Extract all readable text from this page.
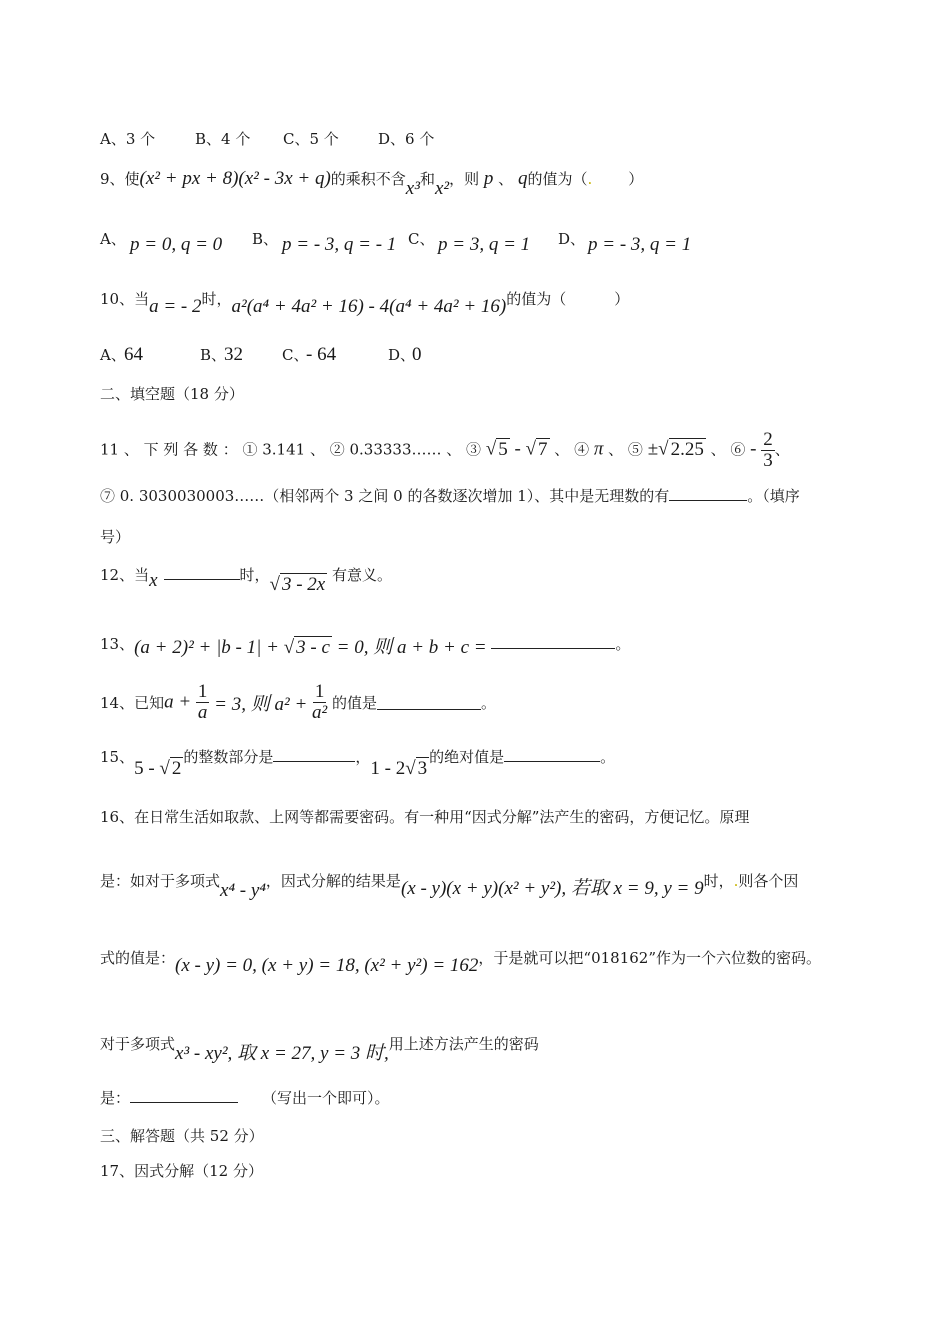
A、3 个	B、4 个 C、5 个	D、6 个
9、使(x² + px + 8)(x² - 3x + q)的乘积不含x³和x²，则 p 、 q的值为（. ）
A、 p = 0, q = 0 B、 p = - 3, q = - 1 C、 p = 3, q = 1 D、 p = - 3, q = 1
10、当a = - 2时，a²(a⁴ + 4a² + 16) - 4(a⁴ + 4a² + 16)的值为（	）
A、64	B、32	C、- 64	D、0
二、填空题（18 分）
11 、 下 列 各 数 ： ① 3.141 、 ② 0.33333…… 、 ③ √ 5 - √ 7 、 ④ π 、 ⑤ ±√ 2.25 、 ⑥ - $\frac{2}{3}$ 、
⑦ 0. 3030030003……（相邻两个 3 之间 0 的各数逐次增加 1）、其中是无理数的有	。（填序
号）
12、当x	时，√ 3 - 2x 有意义。
13、(a + 2)² + |b - 1| + √ 3 - c = 0, 则 a + b + c =	。
14、已知$a + \frac{1}{a} = 3$, 则 $a^2 + \frac{1}{\text{a²}}$ 的值是	。
15、5 - √ 2的整数部分是	，1 - 2√ 3的绝对值是	。
16、在日常生活如取款、上网等都需要密码。有一种用“因式分解”法产生的密码，方便记忆。原理
是：如对于多项式x⁴ - y⁴，因式分解的结果是(x - y)(x + y)(x² + y²), 若取 x = 9, y = 9时，.则各个因
式的值是：(x - y) = 0, (x + y) = 18, (x² + y²) = 162，于是就可以把“018162”作为一个六位数的密码。
对于多项式x³ - xy², 取 x = 27, y = 3 时,用上述方法产生的密码
是：	（写出一个即可）。
三、解答题（共 52 分）
17、因式分解（12 分）
